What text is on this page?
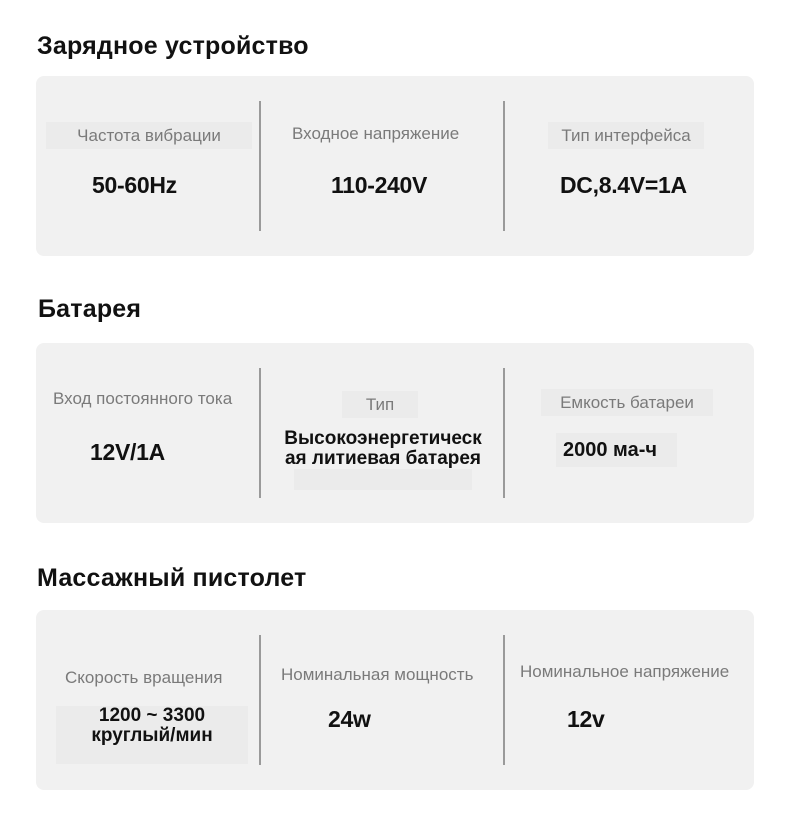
Зарядное устройство
Частота вибрации
50-60Hz
Входное напряжение
110-240V
Тип интерфейса
DC,8.4V=1A
Батарея
Вход постоянного тока
12V/1A
Тип
Высокоэнергетическ
ая литиевая батарея
Емкость батареи
2000 ма-ч
Массажный пистолет
Скорость вращения
1200 ~ 3300
круглый/мин
Номинальная мощность
24w
Номинальное напряжение
12v
